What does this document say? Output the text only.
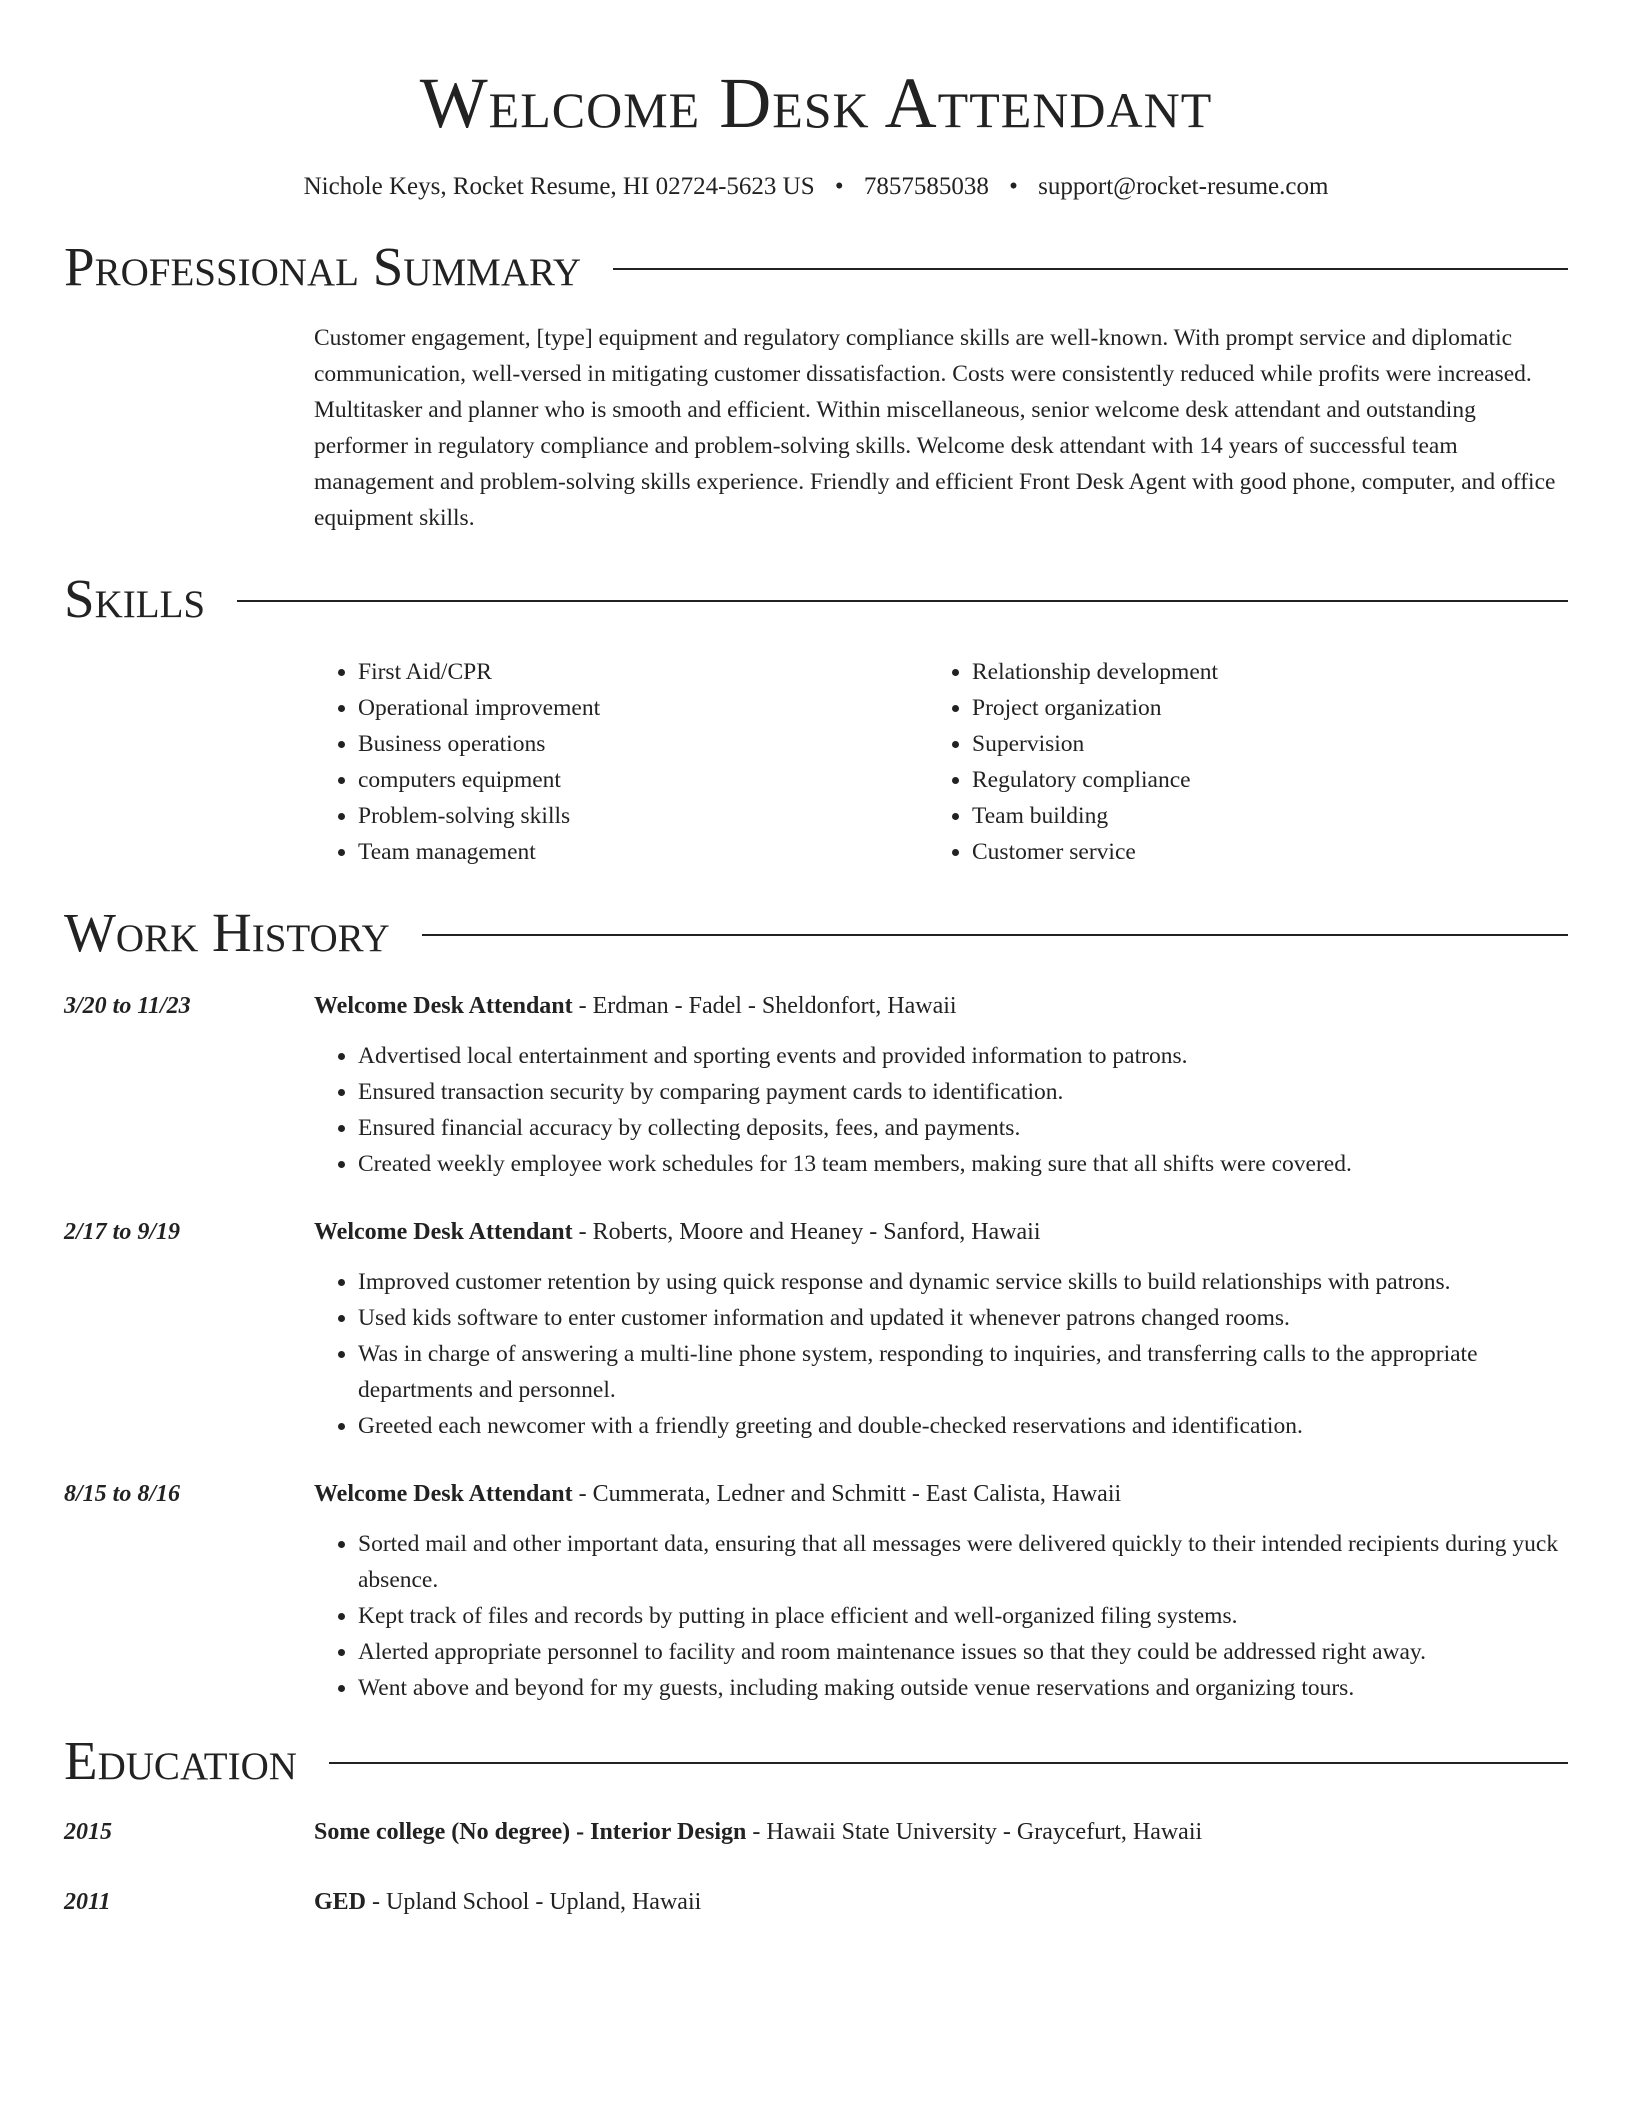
Welcome Desk Attendant
Nichole Keys, Rocket Resume, HI 02724-5623 US • 7857585038 • support@rocket-resume.com
Professional Summary
Customer engagement, [type] equipment and regulatory compliance skills are well-known. With prompt service and diplomatic communication, well-versed in mitigating customer dissatisfaction. Costs were consistently reduced while profits were increased. Multitasker and planner who is smooth and efficient. Within miscellaneous, senior welcome desk attendant and outstanding performer in regulatory compliance and problem-solving skills. Welcome desk attendant with 14 years of successful team management and problem-solving skills experience. Friendly and efficient Front Desk Agent with good phone, computer, and office equipment skills.
Skills
• First Aid/CPR
• Operational improvement
• Business operations
• computers equipment
• Problem-solving skills
• Team management
• Relationship development
• Project organization
• Supervision
• Regulatory compliance
• Team building
• Customer service
Work History
3/20 to 11/23	Welcome Desk Attendant - Erdman - Fadel - Sheldonfort, Hawaii
• Advertised local entertainment and sporting events and provided information to patrons.
• Ensured transaction security by comparing payment cards to identification.
• Ensured financial accuracy by collecting deposits, fees, and payments.
• Created weekly employee work schedules for 13 team members, making sure that all shifts were covered.
2/17 to 9/19	Welcome Desk Attendant - Roberts, Moore and Heaney - Sanford, Hawaii
• Improved customer retention by using quick response and dynamic service skills to build relationships with patrons.
• Used kids software to enter customer information and updated it whenever patrons changed rooms.
• Was in charge of answering a multi-line phone system, responding to inquiries, and transferring calls to the appropriate departments and personnel.
• Greeted each newcomer with a friendly greeting and double-checked reservations and identification.
8/15 to 8/16	Welcome Desk Attendant - Cummerata, Ledner and Schmitt - East Calista, Hawaii
• Sorted mail and other important data, ensuring that all messages were delivered quickly to their intended recipients during yuck absence.
• Kept track of files and records by putting in place efficient and well-organized filing systems.
• Alerted appropriate personnel to facility and room maintenance issues so that they could be addressed right away.
• Went above and beyond for my guests, including making outside venue reservations and organizing tours.
Education
2015	Some college (No degree) - Interior Design - Hawaii State University - Graycefurt, Hawaii
2011	GED - Upland School - Upland, Hawaii
